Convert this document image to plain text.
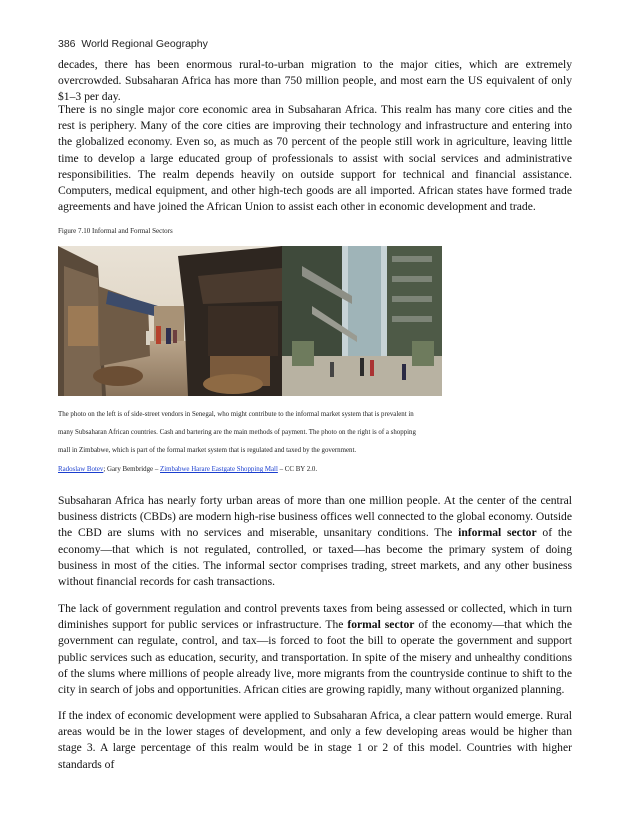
386 World Regional Geography

decades, there has been enormous rural-to-urban migration to the major cities, which are extremely overcrowded. Subsaharan Africa has more than 750 million people, and most earn the US equivalent of only $1–3 per day.

There is no single major core economic area in Subsaharan Africa. This realm has many core cities and the rest is periphery. Many of the core cities are improving their technology and infrastructure and entering into the globalized economy. Even so, as much as 70 percent of the people still work in agriculture, leaving little time to develop a large educated group of professionals to assist with social services and administrative responsibilities. The realm depends heavily on outside support for technical and financial assistance. Computers, medical equipment, and other high-tech goods are all imported. African states have formed trade agreements and have joined the African Union to assist each other in economic development and trade.

Figure 7.10 Informal and Formal Sectors

The photo on the left is of side-street vendors in Senegal, who might contribute to the informal market system that is prevalent in

many Subsaharan African countries. Cash and bartering are the main methods of payment. The photo on the right is of a shopping

mall in Zimbabwe, which is part of the formal market system that is regulated and taxed by the government.

Radoslaw Botev; Gary Bembridge – Zimbabwe Harare Eastgate Shopping Mall – CC BY 2.0.

Subsaharan Africa has nearly forty urban areas of more than one million people. At the center of the central business districts (CBDs) are modern high-rise business offices well connected to the global economy. Outside the CBD are slums with no services and miserable, unsanitary conditions. The informal sector of the economy—that which is not regulated, controlled, or taxed—has become the primary system of doing business in most of the cities. The informal sector comprises trading, street markets, and any other business without financial records for cash transactions.

The lack of government regulation and control prevents taxes from being assessed or collected, which in turn diminishes support for public services or infrastructure. The formal sector of the economy—that which the government can regulate, control, and tax—is forced to foot the bill to operate the government and support public services such as education, security, and transportation. In spite of the misery and unhealthy conditions of the slums where millions of people already live, more migrants from the countryside continue to shift to the city in search of jobs and opportunities. African cities are growing rapidly, many without organized planning.

If the index of economic development were applied to Subsaharan Africa, a clear pattern would emerge. Rural areas would be in the lower stages of development, and only a few developing areas would be higher than stage 3. A large percentage of this realm would be in stage 1 or 2 of this model. Countries with higher standards of
